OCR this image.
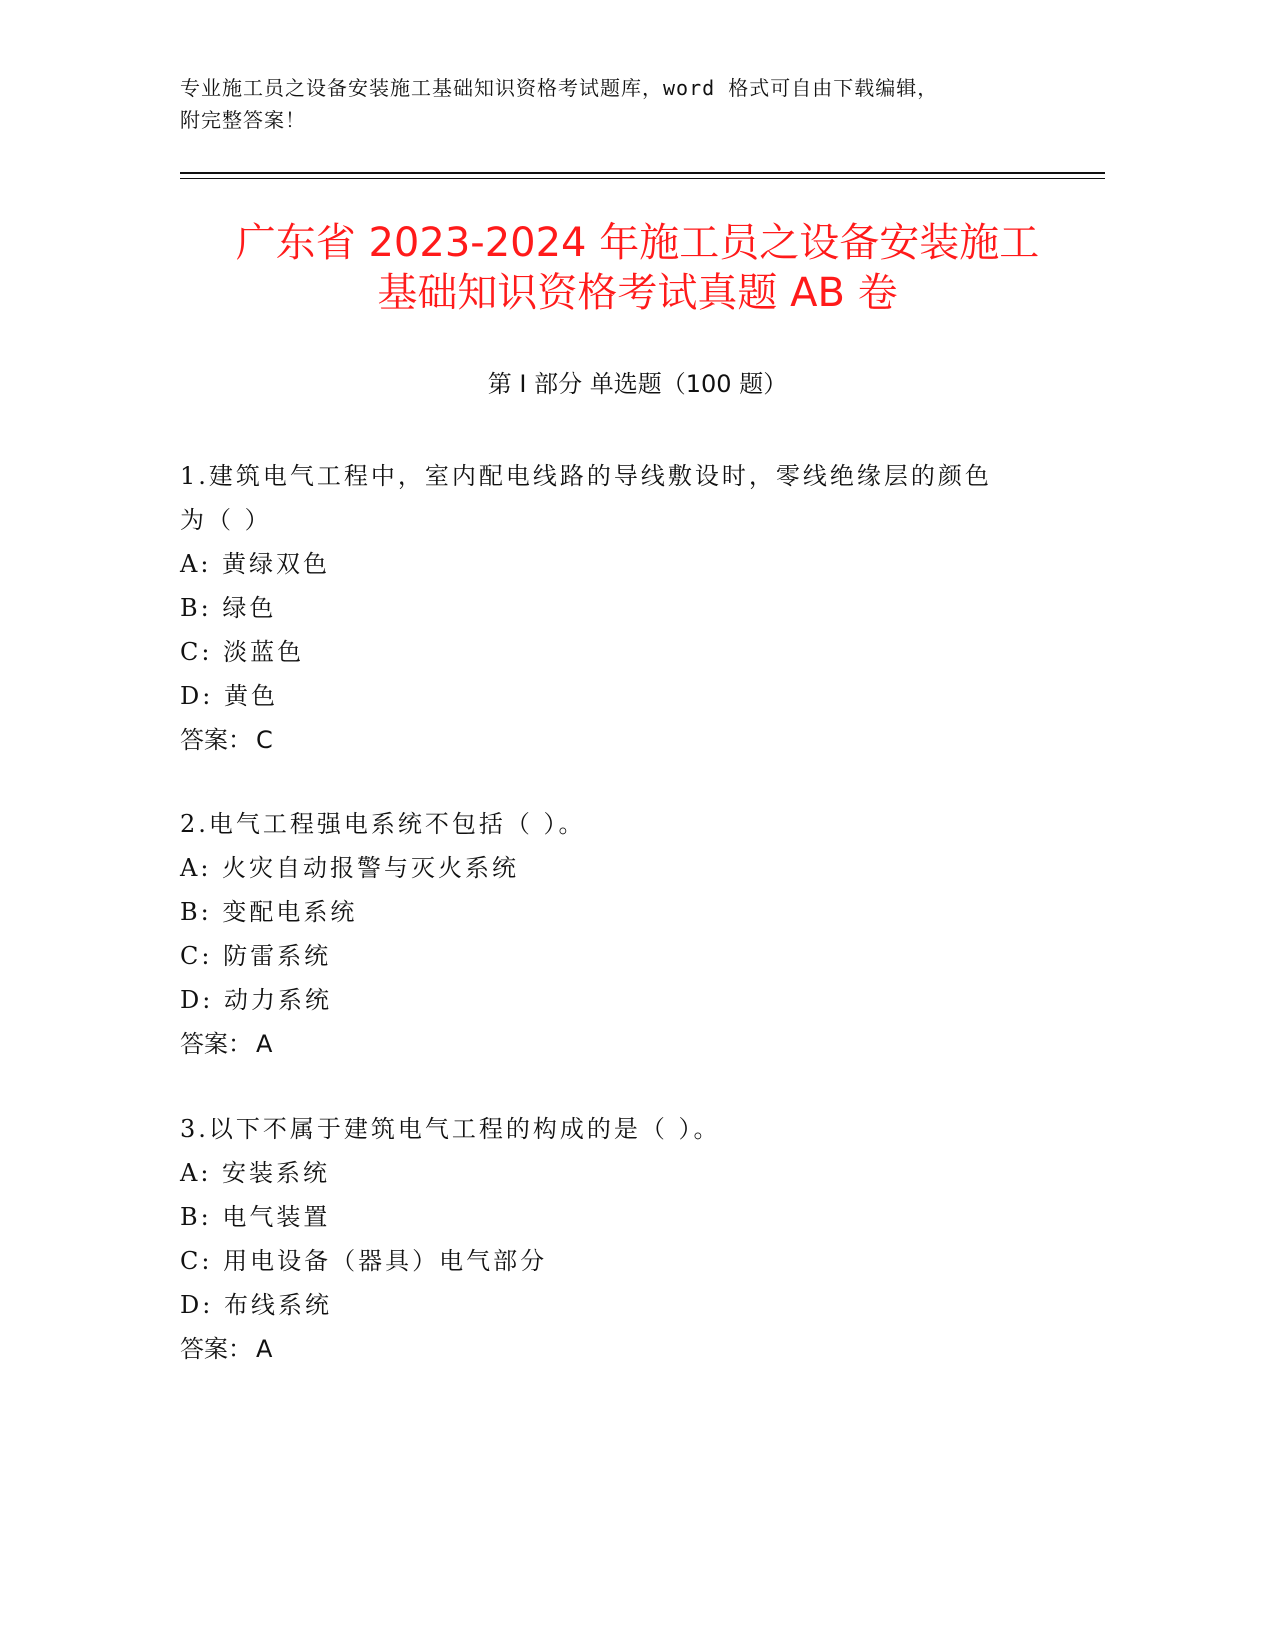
专业施工员之设备安装施工基础知识资格考试题库，word 格式可自由下载编辑，
附完整答案！
广东省 2023-2024 年施工员之设备安装施工
基础知识资格考试真题 AB 卷
第 I 部分 单选题（100 题）
1.建筑电气工程中，室内配电线路的导线敷设时，零线绝缘层的颜色
为（ ）
A: 黄绿双色
B: 绿色
C: 淡蓝色
D: 黄色
答案： C
2.电气工程强电系统不包括（ ）。
A: 火灾自动报警与灭火系统
B: 变配电系统
C: 防雷系统
D: 动力系统
答案： A
3.以下不属于建筑电气工程的构成的是（ ）。
A: 安装系统
B: 电气装置
C: 用电设备（器具）电气部分
D: 布线系统
答案： A
